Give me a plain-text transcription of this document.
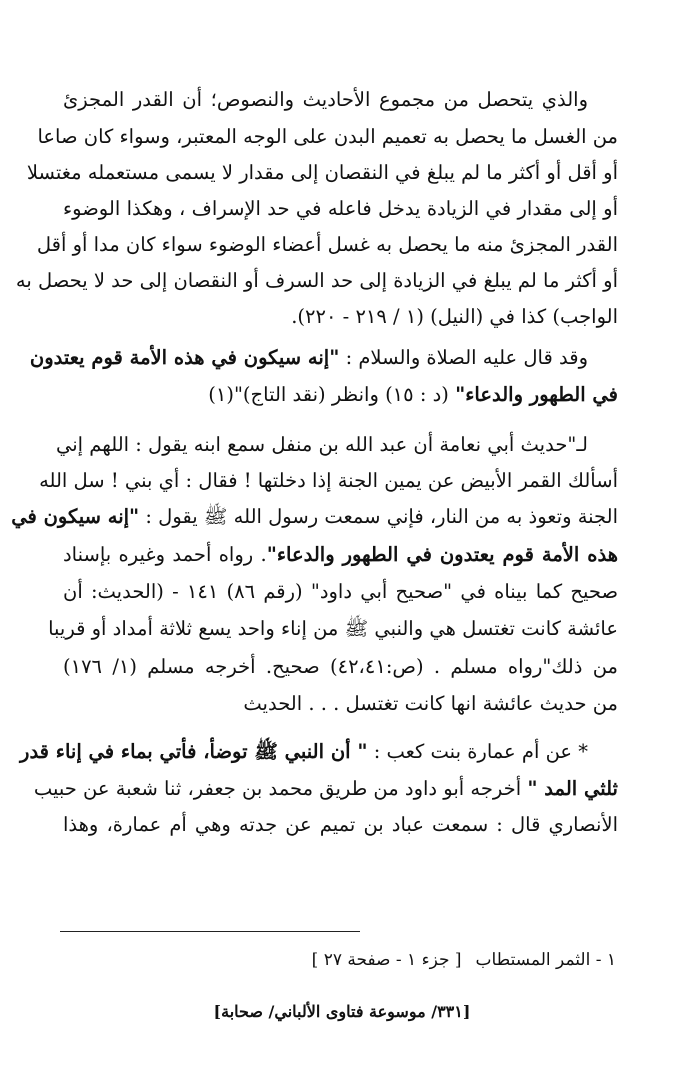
والذي يتحصل من مجموع الأحاديث والنصوص؛ أن القدر المجزئ
من الغسل ما يحصل به تعميم البدن على الوجه المعتبر، وسواء كان صاعا
أو أقل أو أكثر ما لم يبلغ في النقصان إلى مقدار لا يسمى مستعمله مغتسلا
أو إلى مقدار في الزيادة يدخل فاعله في حد الإسراف ، وهكذا الوضوء
القدر المجزئ منه ما يحصل به غسل أعضاء الوضوء سواء كان مدا أو أقل
أو أكثر ما لم يبلغ في الزيادة إلى حد السرف أو النقصان إلى حد لا يحصل به
الواجب) كذا في (النيل) (١ / ٢١٩ - ٢٢٠).
وقد قال عليه الصلاة والسلام : "إنه سيكون في هذه الأمة قوم يعتدون
في الطهور والدعاء" (د : ١٥) وانظر (نقد التاج)"(١)
لـ"حديث أبي نعامة أن عبد الله بن منفل سمع ابنه يقول : اللهم إني
أسألك القمر الأبيض عن يمين الجنة إذا دخلتها ! فقال : أي بني ! سل الله
الجنة وتعوذ به من النار، فإني سمعت رسول الله ﷺ يقول : "إنه سيكون في
هذه الأمة قوم يعتدون في الطهور والدعاء". رواه أحمد وغيره بإسناد
صحيح كما بيناه في "صحيح أبي داود" (رقم ٨٦) ١٤١ - (الحديث: أن
عائشة كانت تغتسل هي والنبي ﷺ من إناء واحد يسع ثلاثة أمداد أو قريبا
من ذلك"رواه مسلم . (ص:٤٢،٤١) صحيح. أخرجه مسلم (١/ ١٧٦)
من حديث عائشة انها كانت تغتسل . . . الحديث
* عن أم عمارة بنت كعب : " أن النبي ﷺ توضأ، فأتي بماء في إناء قدر
ثلثي المد " أخرجه أبو داود من طريق محمد بن جعفر، ثنا شعبة عن حبيب
الأنصاري قال : سمعت عباد بن تميم عن جدته وهي أم عمارة، وهذا
١ - الثمر المستطاب[ جزء ١ - صفحة ٢٧ ]
[٣٣١/ موسوعة فتاوى الألباني/ صحابة]
